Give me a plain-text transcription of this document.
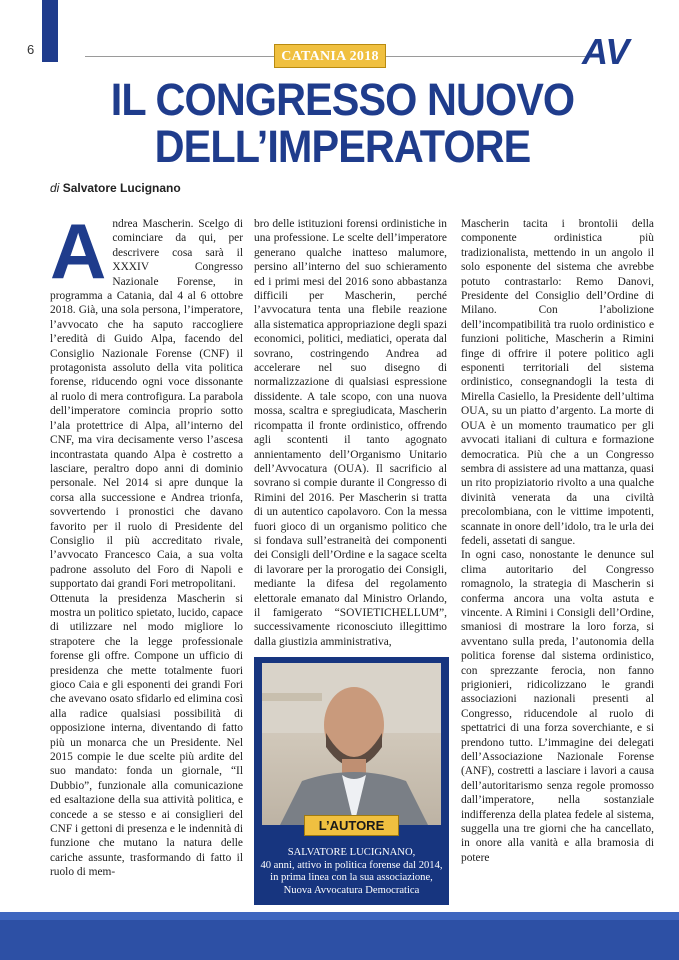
6	CATANIA 2018	AV
IL CONGRESSO NUOVO
DELL’IMPERATORE
di Salvatore Lucignano

Andrea Mascherin. Scelgo di cominciare da qui, per descrivere cosa sarà il XXXIV Congresso Nazionale Forense, in programma a Catania, dal 4 al 6 ottobre 2018. Già, una sola persona, l’imperatore, l’avvocato che ha saputo raccogliere l’eredità di Guido Alpa, facendo del Consiglio Nazionale Forense (CNF) il protagonista assoluto della vita politica forense, riducendo ogni voce dissonante al ruolo di mera controfigura. La parabola dell’imperatore comincia proprio sotto l’ala protettrice di Alpa, all’interno del CNF, ma vira decisamente verso l’ascesa incontrastata quando Alpa è costretto a lasciare, peraltro dopo anni di dominio personale. Nel 2014 si apre dunque la corsa alla successione e Andrea trionfa, sovvertendo i pronostici che davano favorito per il ruolo di Presidente del Consiglio il più accreditato rivale, l’avvocato Francesco Caia, a sua volta padrone assoluto del Foro di Napoli e supportato dai grandi Fori metropolitani.

Ottenuta la presidenza Mascherin si mostra un politico spietato, lucido, capace di utilizzare nel modo migliore lo strapotere che la legge professionale forense gli offre. Compone un ufficio di presidenza che mette totalmente fuori gioco Caia e gli esponenti dei grandi Fori che avevano osato sfidarlo ed elimina così alla radice qualsiasi possibilità di opposizione interna, diventando di fatto più un monarca che un Presidente. Nel 2015 compie le due scelte più ardite del suo mandato: fonda un giornale, “Il Dubbio”, funzionale alla comunicazione ed esaltazione della sua attività politica, e concede a se stesso e ai consiglieri del CNF i gettoni di presenza e le indennità di funzione che mutano la natura delle cariche assunte, trasformando di fatto il ruolo di mem-

bro delle istituzioni forensi ordinistiche in una professione. Le scelte dell’imperatore generano qualche inatteso malumore, persino all’interno del suo schieramento ed i primi mesi del 2016 sono abbastanza difficili per Mascherin, perché l’avvocatura tenta una flebile reazione alla sistematica appropriazione degli spazi economici, politici, mediatici, operata dal sovrano, costringendo Andrea ad accelerare nel suo disegno di normalizzazione di qualsiasi espressione dissidente. A tale scopo, con una nuova mossa, scaltra e spregiudicata, Mascherin ricompatta il fronte ordinistico, offrendo agli scontenti il tanto agognato annientamento dell’Organismo Unitario dell’Avvocatura (OUA). Il sacrificio al sovrano si compie durante il Congresso di Rimini del 2016. Per Mascherin si tratta di un autentico capolavoro. Con la messa fuori gioco di un organismo politico che si fondava sull’estraneità dei componenti dei Consigli dell’Ordine e la sagace scelta di lavorare per la prorogatio dei Consigli, mediante la difesa del regolamento elettorale emanato dal Ministro Orlando, il famigerato “SOVIETICHELLUM”, successivamente riconosciuto illegittimo dalla giustizia amministrativa,

Mascherin tacita i brontolii della componente ordinistica più tradizionalista, mettendo in un angolo il solo esponente del sistema che avrebbe potuto contrastarlo: Remo Danovi, Presidente del Consiglio dell’Ordine di Milano. Con l’abolizione dell’incompatibilità tra ruolo ordinistico e funzioni politiche, Mascherin a Rimini finge di offrire il potere politico agli esponenti territoriali del sistema ordinistico, consegnandogli la testa di Mirella Casiello, la Presidente dell’ultima OUA, su un piatto d’argento. La morte di OUA è un momento traumatico per gli avvocati italiani di cultura e formazione democratica. Più che a un Congresso sembra di assistere ad una mattanza, quasi un rito propiziatorio rivolto a una qualche divinità venerata da una civiltà precolombiana, con le vittime impotenti, scannate in onore dell’idolo, tra le urla dei fedeli, assetati di sangue.

In ogni caso, nonostante le denunce sul clima autoritario del Congresso romagnolo, la strategia di Mascherin si conferma ancora una volta astuta e vincente. A Rimini i Consigli dell’Ordine, smaniosi di mostrare la loro forza, si avventano sulla preda, l’autonomia della politica forense dal sistema ordinistico, con sprezzante ferocia, non fanno prigionieri, ridicolizzano le grandi associazioni nazionali presenti al Congresso, riducendole al ruolo di spettatrici di una forza soverchiante, e si prendono tutto. L’immagine dei delegati dell’Associazione Nazionale Forense (ANF), costretti a lasciare i lavori a causa dell’autoritarismo senza regole promosso dall’imperatore, nella sostanziale indifferenza della platea fedele al sistema, suggella una tre giorni che ha cancellato, in onore alla vanità e alla bramosia di potere

L’AUTORE
SALVATORE LUCIGNANO,
40 anni, attivo in politica forense dal 2014,
in prima linea con la sua associazione,
Nuova Avvocatura Democratica
